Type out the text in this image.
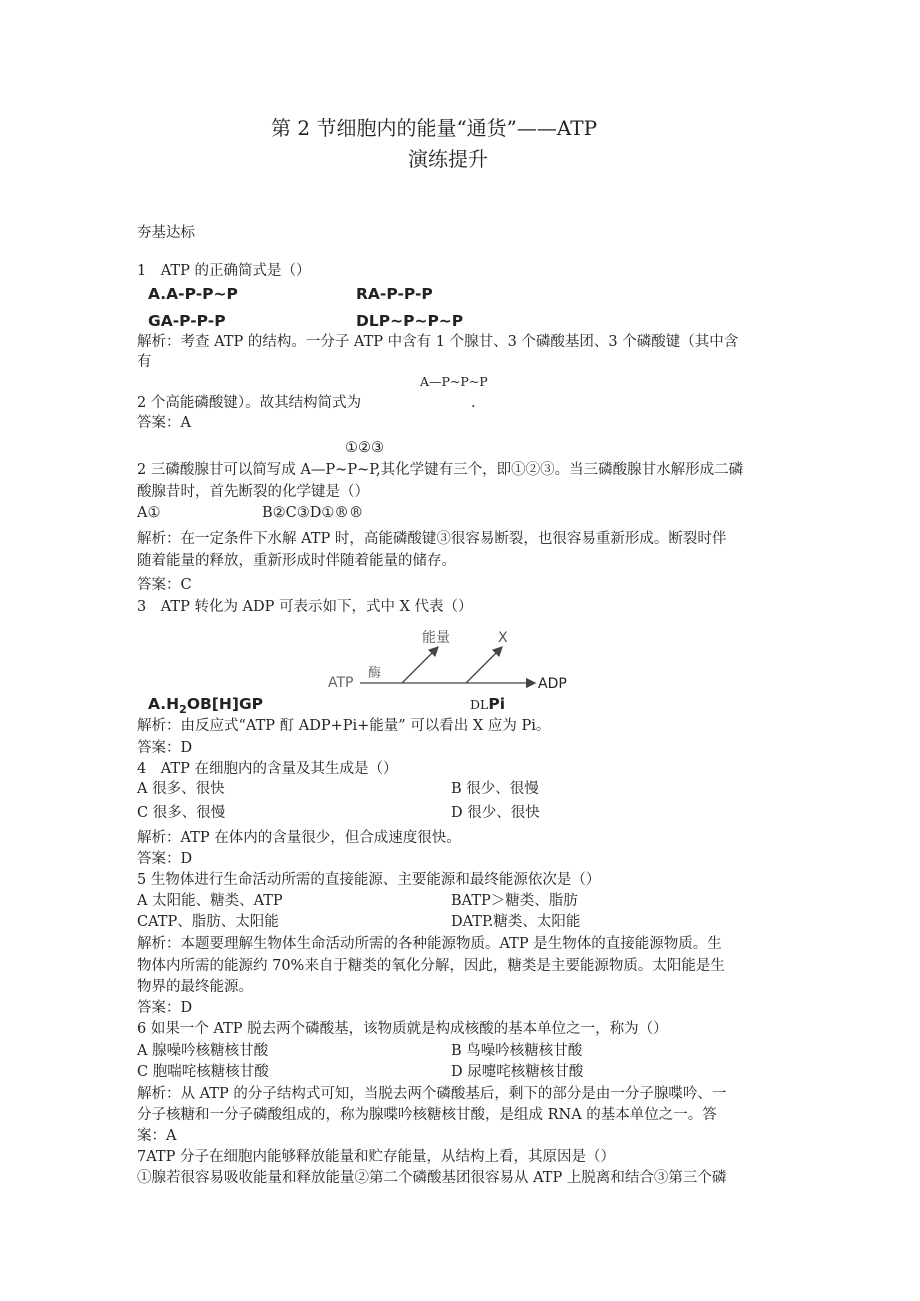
第 2 节细胞内的能量“通货”——ATP
演练提升
夯基达标
1　ATP 的正确简式是（）
A.A-P-P~P	RA-P-P-P
GA-P-P-P	DLP~P~P~P
解析：考查 ATP 的结构。一分子 ATP 中含有 1 个腺甘、3 个磷酸基团、3 个磷酸键（其中含
有
A—P~P~P
2 个高能磷酸键）。故其结构简式为	.
答案：A
①②③
2 三磷酸腺甘可以简写成 A—P~P~P,其化学键有三个，即①②③。当三磷酸腺甘水解形成二磷
酸腺昔时，首先断裂的化学键是（）
A①	B②C③D①®®
解析：在一定条件下水解 ATP 时，高能磷酸键③很容易断裂，也很容易重新形成。断裂时伴
随着能量的释放，重新形成时伴随着能量的储存。
答案：C
3　ATP 转化为 ADP 可表示如下，式中 X 代表（）
ATP
酶
能量	X
ADP
$A.H_2OB[H]GP$	DLPi
解析：由反应式“ATP 酊 ADP+Pi+能量” 可以看出 X 应为 Pi。
答案：D
4　ATP 在细胞内的含量及其生成是（）
A 很多、很快	B 很少、很慢
C 很多、很慢	D 很少、很快
解析：ATP 在体内的含量很少，但合成速度很快。
答案：D
5 生物体进行生命活动所需的直接能源、主要能源和最终能源依次是（）
A 太阳能、糖类、ATP	BATP＞糖类、脂肪
CATP、脂肪、太阳能	DATP.糖类、太阳能
解析：本题要理解生物体生命活动所需的各种能源物质。ATP 是生物体的直接能源物质。生
物体内所需的能源约 70%来自于糖类的氧化分解，因此，糖类是主要能源物质。太阳能是生
物界的最终能源。
答案：D
6 如果一个 ATP 脱去两个磷酸基，该物质就是构成核酸的基本单位之一，称为（）
A 腺噪吟核糖核甘酸	B 鸟噪吟核糖核甘酸
C 胞喘咤核糖核甘酸	D 尿嚏咤核糖核甘酸
解析：从 ATP 的分子结构式可知，当脱去两个磷酸基后，剩下的部分是由一分子腺喋吟、一
分子核糖和一分子磷酸组成的，称为腺喋吟核糖核甘酸，是组成 RNA 的基本单位之一。答
案：A
7ATP 分子在细胞内能够释放能量和贮存能量，从结构上看，其原因是（）
①腺若很容易吸收能量和释放能量②第二个磷酸基团很容易从 ATP 上脱离和结合③第三个磷
